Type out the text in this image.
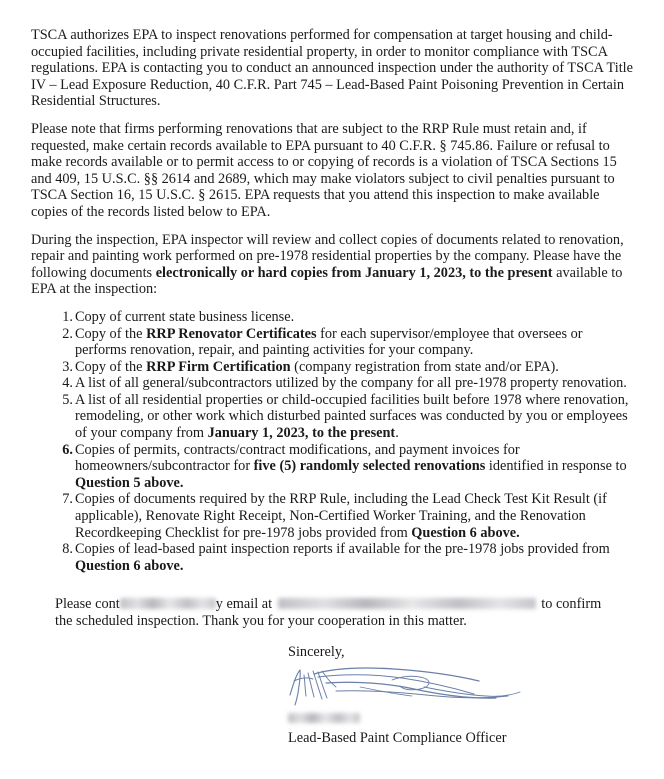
TSCA authorizes EPA to inspect renovations performed for compensation at target housing and child-occupied facilities, including private residential property, in order to monitor compliance with TSCA regulations. EPA is contacting you to conduct an announced inspection under the authority of TSCA Title IV – Lead Exposure Reduction, 40 C.F.R. Part 745 – Lead-Based Paint Poisoning Prevention in Certain Residential Structures.

Please note that firms performing renovations that are subject to the RRP Rule must retain and, if requested, make certain records available to EPA pursuant to 40 C.F.R. § 745.86. Failure or refusal to make records available or to permit access to or copying of records is a violation of TSCA Sections 15 and 409, 15 U.S.C. §§ 2614 and 2689, which may make violators subject to civil penalties pursuant to TSCA Section 16, 15 U.S.C. § 2615. EPA requests that you attend this inspection to make available copies of the records listed below to EPA.

During the inspection, EPA inspector will review and collect copies of documents related to renovation, repair and painting work performed on pre-1978 residential properties by the company. Please have the following documents electronically or hard copies from January 1, 2023, to the present available to EPA at the inspection:

1. Copy of current state business license.
2. Copy of the RRP Renovator Certificates for each supervisor/employee that oversees or performs renovation, repair, and painting activities for your company.
3. Copy of the RRP Firm Certification (company registration from state and/or EPA).
4. A list of all general/subcontractors utilized by the company for all pre-1978 property renovation.
5. A list of all residential properties or child-occupied facilities built before 1978 where renovation, remodeling, or other work which disturbed painted surfaces was conducted by you or employees of your company from January 1, 2023, to the present.
6. Copies of permits, contracts/contract modifications, and payment invoices for homeowners/subcontractor for five (5) randomly selected renovations identified in response to Question 5 above.
7. Copies of documents required by the RRP Rule, including the Lead Check Test Kit Result (if applicable), Renovate Right Receipt, Non-Certified Worker Training, and the Renovation Recordkeeping Checklist for pre-1978 jobs provided from Question 6 above.
8. Copies of lead-based paint inspection reports if available for the pre-1978 jobs provided from Question 6 above.

Please cont	y email at	to confirm

the scheduled inspection. Thank you for your cooperation in this matter.

Sincerely,

Lead-Based Paint Compliance Officer
